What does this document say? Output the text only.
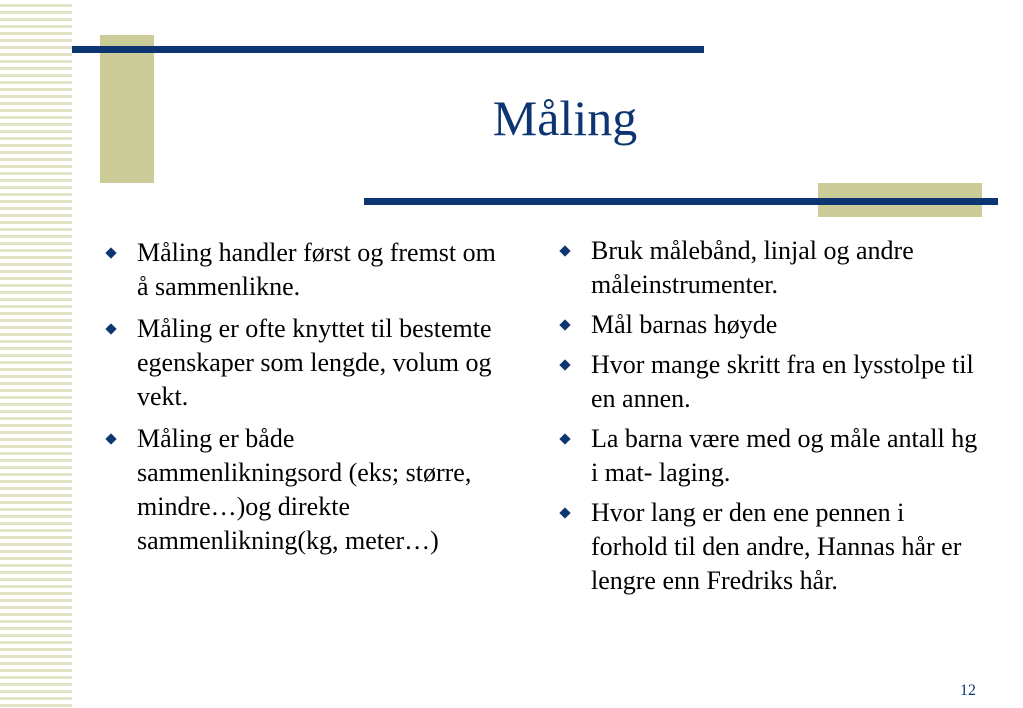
Måling
Måling handler først og fremst om å sammenlikne.
Måling er ofte knyttet til bestemte egenskaper som lengde, volum og vekt.
Måling er både sammenlikningsord (eks; større, mindre…)og direkte sammenlikning(kg, meter…)
Bruk målebånd, linjal og andre måleinstrumenter.
Mål barnas høyde
Hvor mange skritt fra en lysstolpe til en annen.
La barna være med og måle antall hg i mat- laging.
Hvor lang er den ene pennen i forhold til den andre, Hannas hår er lengre enn Fredriks hår.
12
